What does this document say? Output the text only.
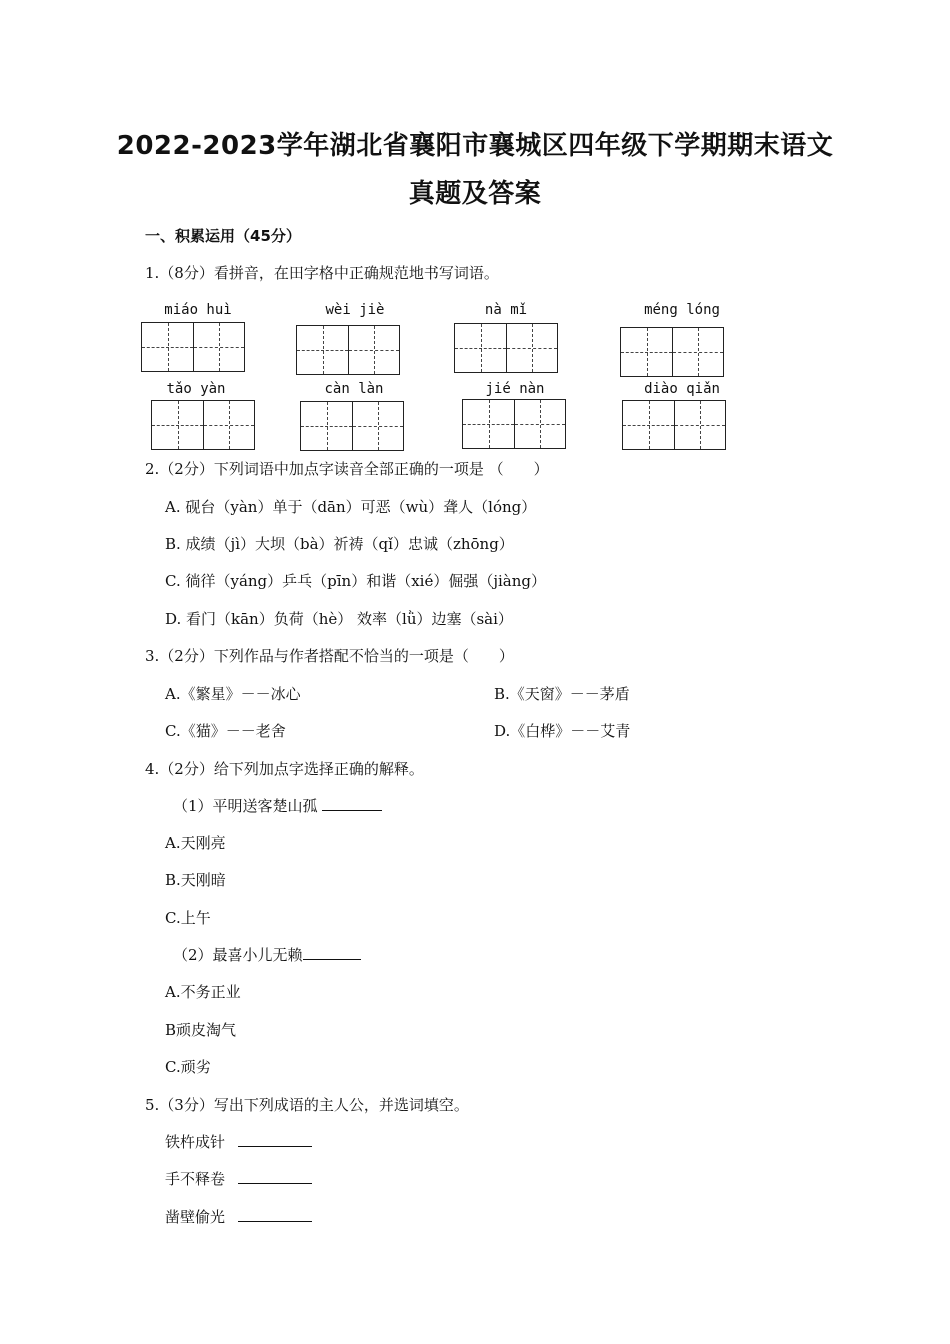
2022-2023学年湖北省襄阳市襄城区四年级下学期期末语文
真题及答案
一、积累运用（45分）
1.（8分）看拼音，在田字格中正确规范地书写词语。
miáo huì	wèi jiè	nà mǐ	méng lóng
tǎo yàn	càn làn	jié nàn	diào qiǎn
2.（2分）下列词语中加点字读音全部正确的一项是 （　　）
A. 砚台（yàn）单于（dān）可恶（wù）聋人（lóng）
B. 成绩（jì）大坝（bà）祈祷（qǐ）忠诚（zhōng）
C. 徜徉（yáng）乒乓（pīn）和谐（xié）倔强（jiàng）
D. 看门（kān）负荷（hè） 效率（lǜ）边塞（sài）
3.（2分）下列作品与作者搭配不恰当的一项是（　　）
A.《繁星》－－冰心	B.《天窗》－－茅盾
C.《猫》－－老舍	D.《白桦》－－艾青
4.（2分）给下列加点字选择正确的解释。
（1）平明送客楚山孤
A.天刚亮
B.天刚暗
C.上午
（2）最喜小儿无赖
A.不务正业
B顽皮淘气
C.顽劣
5.（3分）写出下列成语的主人公，并选词填空。
铁杵成针
手不释卷
凿壁偷光
